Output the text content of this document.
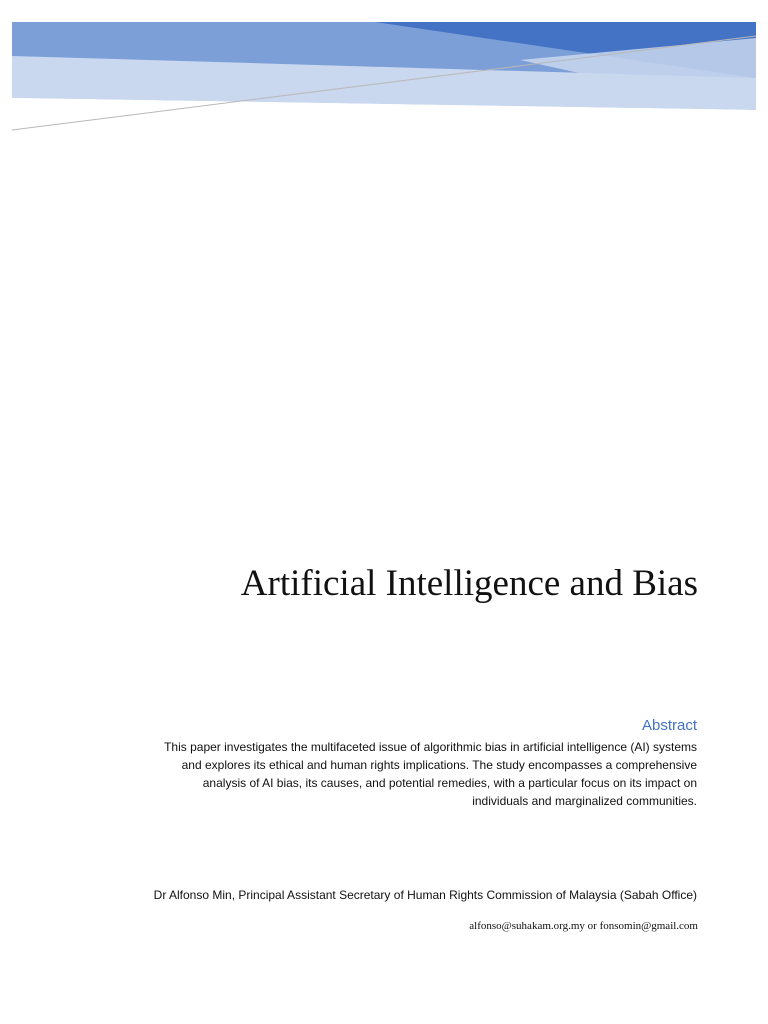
Artificial Intelligence and Bias
Abstract

This paper investigates the multifaceted issue of algorithmic bias in artificial intelligence (AI) systems and explores its ethical and human rights implications. The study encompasses a comprehensive analysis of AI bias, its causes, and potential remedies, with a particular focus on its impact on individuals and marginalized communities.

Dr Alfonso Min, Principal Assistant Secretary of Human Rights Commission of Malaysia (Sabah Office)

alfonso@suhakam.org.my or fonsomin@gmail.com
